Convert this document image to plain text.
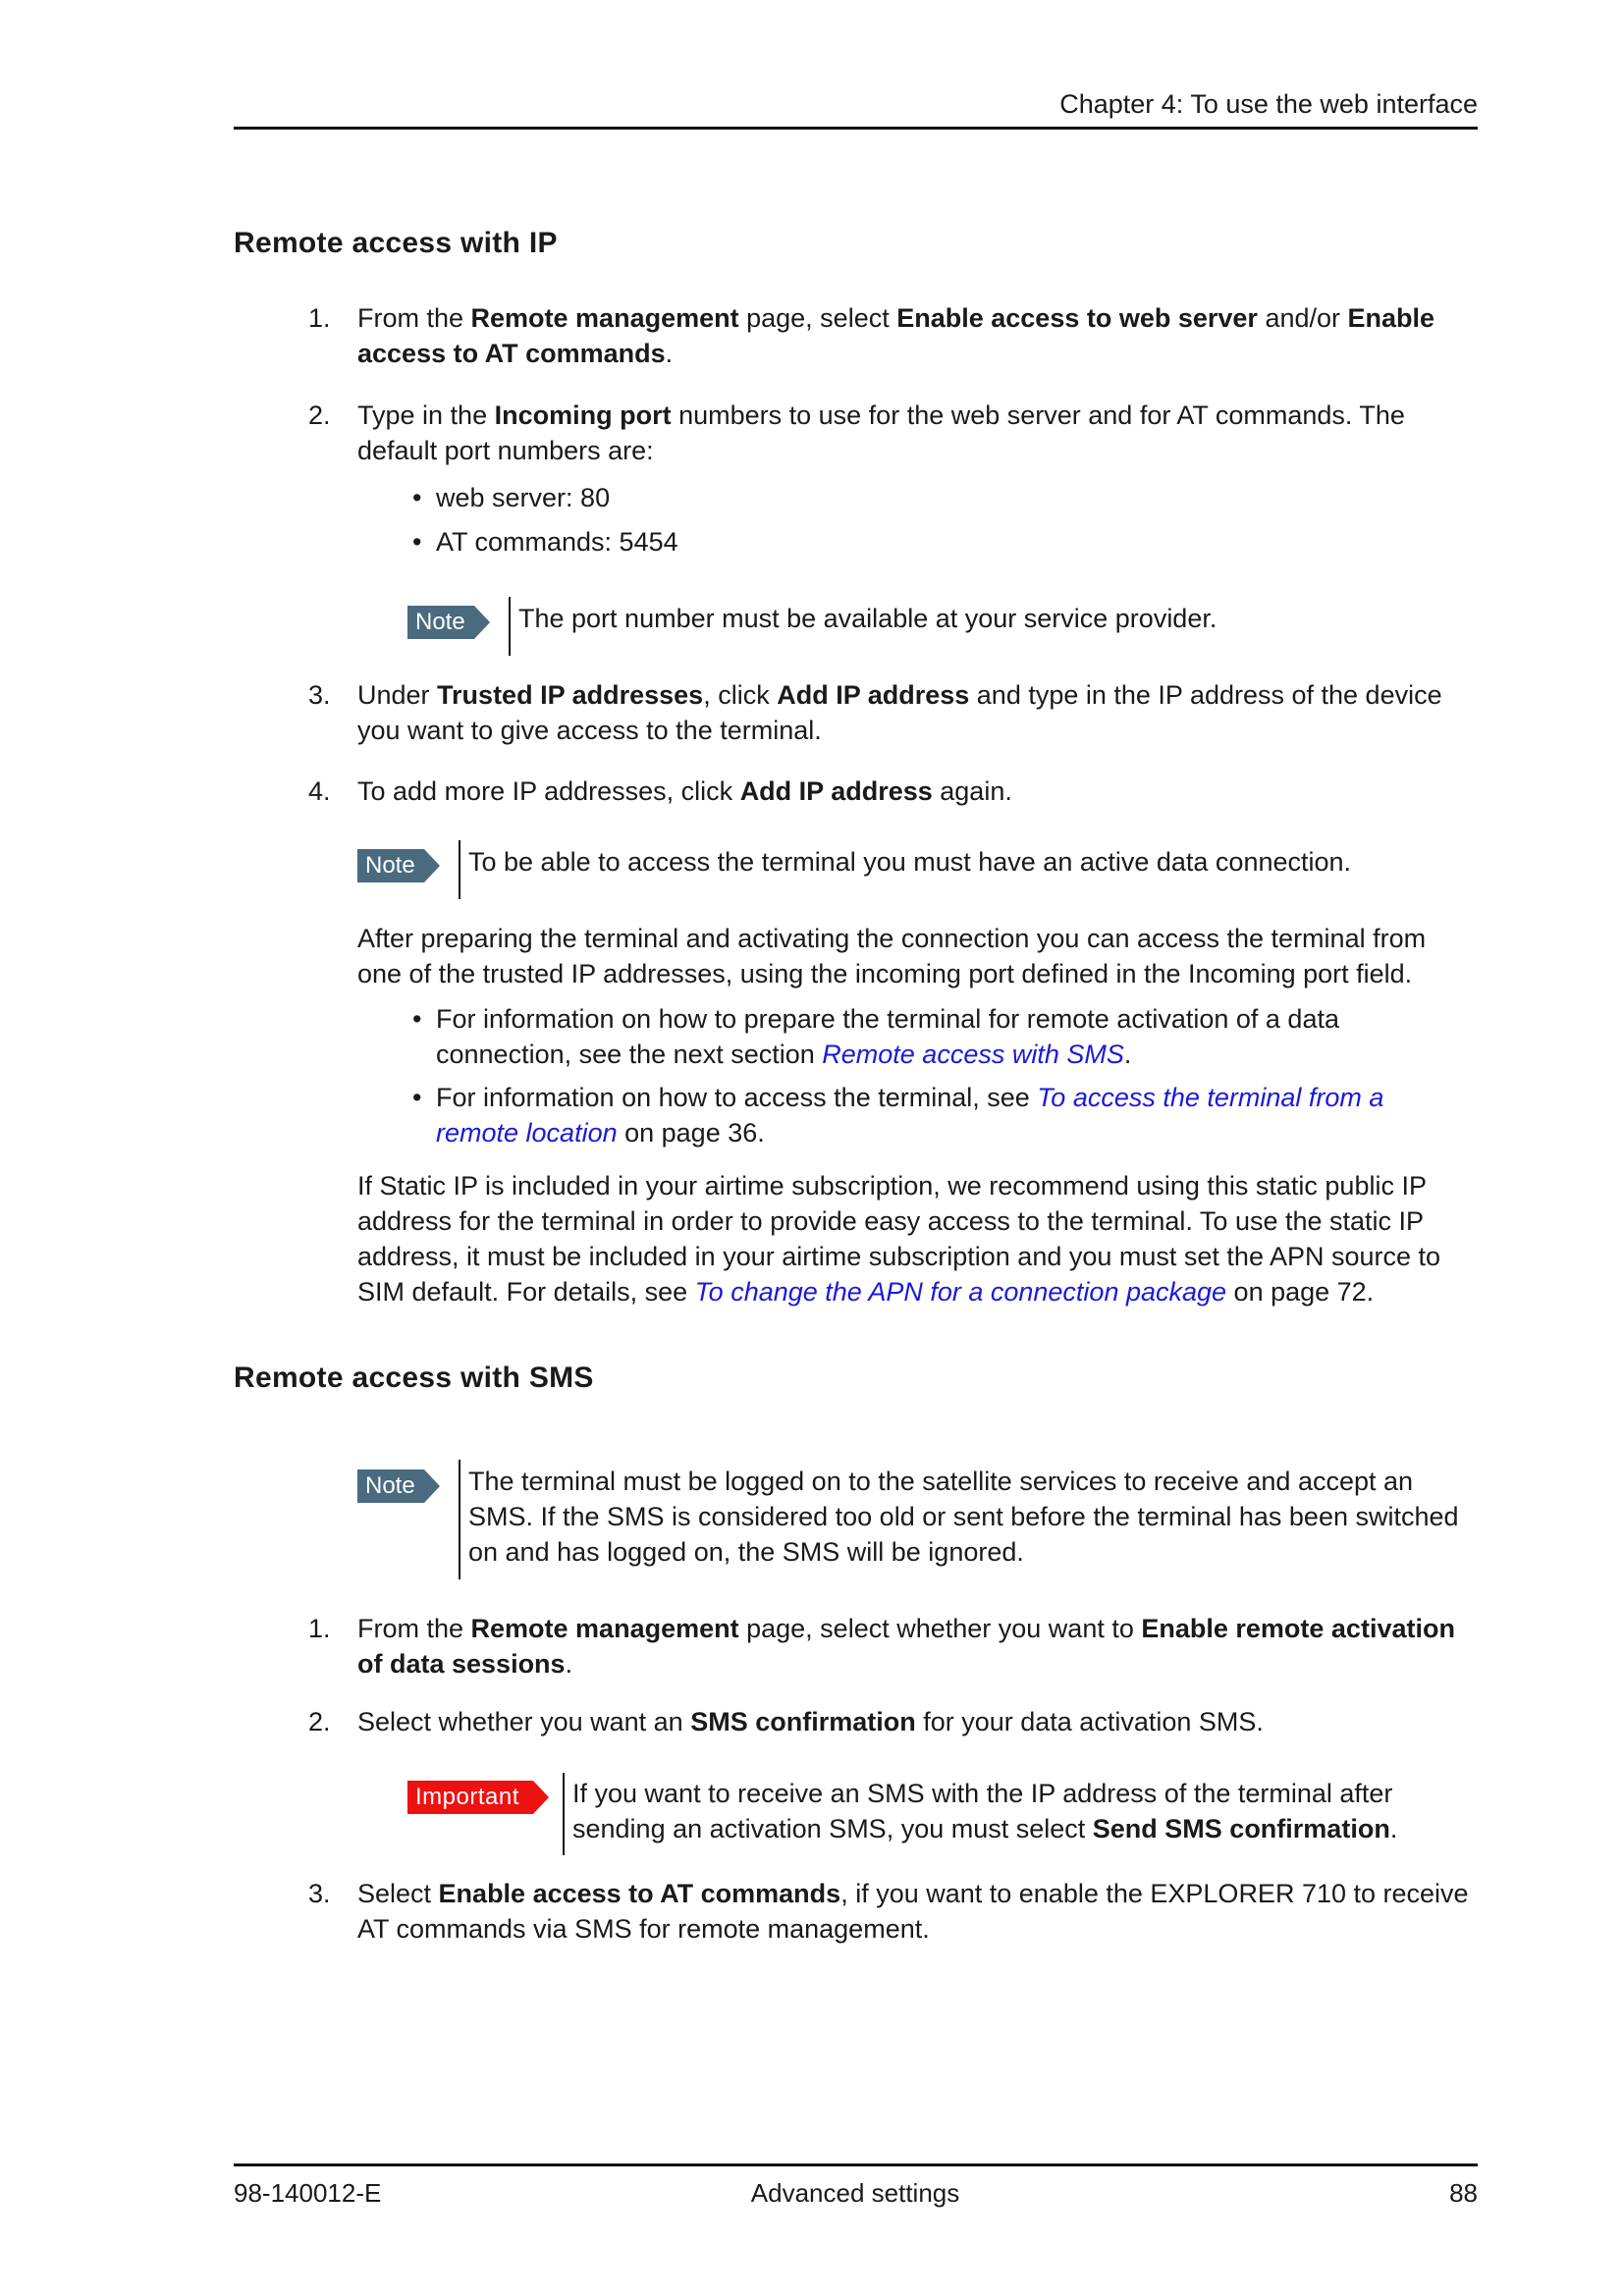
Chapter 4: To use the web interface
Remote access with IP
1. From the Remote management page, select Enable access to web server and/or Enable access to AT commands.
2. Type in the Incoming port numbers to use for the web server and for AT commands. The default port numbers are:
• web server: 80
• AT commands: 5454
Note	The port number must be available at your service provider.
3. Under Trusted IP addresses, click Add IP address and type in the IP address of the device you want to give access to the terminal.
4. To add more IP addresses, click Add IP address again.
Note	To be able to access the terminal you must have an active data connection.
After preparing the terminal and activating the connection you can access the terminal from one of the trusted IP addresses, using the incoming port defined in the Incoming port field.
• For information on how to prepare the terminal for remote activation of a data connection, see the next section Remote access with SMS.
• For information on how to access the terminal, see To access the terminal from a remote location on page 36.
If Static IP is included in your airtime subscription, we recommend using this static public IP address for the terminal in order to provide easy access to the terminal. To use the static IP address, it must be included in your airtime subscription and you must set the APN source to SIM default. For details, see To change the APN for a connection package on page 72.
Remote access with SMS
Note	The terminal must be logged on to the satellite services to receive and accept an SMS. If the SMS is considered too old or sent before the terminal has been switched on and has logged on, the SMS will be ignored.
1. From the Remote management page, select whether you want to Enable remote activation of data sessions.
2. Select whether you want an SMS confirmation for your data activation SMS.
Important	If you want to receive an SMS with the IP address of the terminal after sending an activation SMS, you must select Send SMS confirmation.
3. Select Enable access to AT commands, if you want to enable the EXPLORER 710 to receive AT commands via SMS for remote management.
98-140012-E	Advanced settings	88
